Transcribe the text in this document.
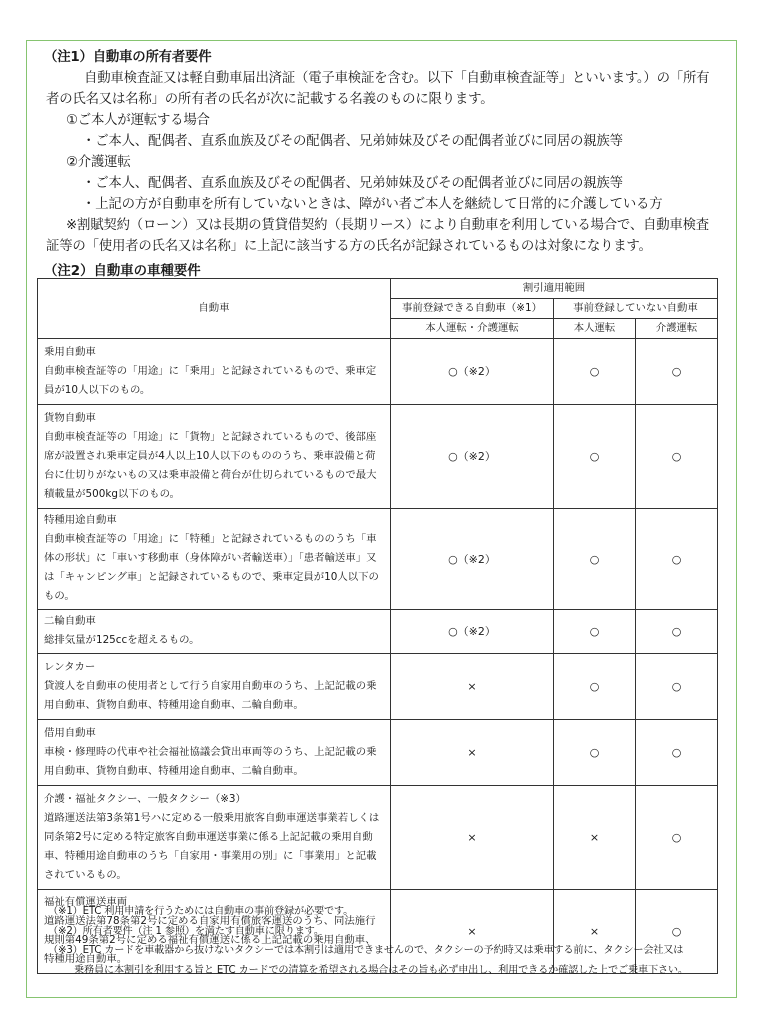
（注1）自動車の所有者要件
自動車検査証又は軽自動車届出済証（電子車検証を含む。以下「自動車検査証等」といいます。）の「所有
者の氏名又は名称」の所有者の氏名が次に記載する名義のものに限ります。
①ご本人が運転する場合
・ご本人、配偶者、直系血族及びその配偶者、兄弟姉妹及びその配偶者並びに同居の親族等
②介護運転
・ご本人、配偶者、直系血族及びその配偶者、兄弟姉妹及びその配偶者並びに同居の親族等
・上記の方が自動車を所有していないときは、障がい者ご本人を継続して日常的に介護している方
※割賦契約（ローン）又は長期の賃貸借契約（長期リース）により自動車を利用している場合で、自動車検査
証等の「使用者の氏名又は名称」に上記に該当する方の氏名が記録されているものは対象になります。
（注2）自動車の車種要件
自動車	割引適用範囲		
	事前登録できる自動車（※1）	事前登録していない自動車	
	本人運転・介護運転	本人運転	介護運転

乗用自動車
自動車検査証等の「用途」に「乗用」と記録されているもので、乗車定員が10人以下のもの。	○（※2）	○	○

貨物自動車
自動車検査証等の「用途」に「貨物」と記録されているもので、後部座席が設置され乗車定員が4人以上10人以下のもののうち、乗車設備と荷台に仕切りがないもの又は乗車設備と荷台が仕切られているもので最大積載量が500kg以下のもの。	○（※2）	○	○

特種用途自動車
自動車検査証等の「用途」に「特種」と記録されているもののうち「車体の形状」に「車いす移動車（身体障がい者輸送車）」「患者輸送車」又は「キャンピング車」と記録されているもので、乗車定員が10人以下のもの。	○（※2）	○	○

二輪自動車
総排気量が125ccを超えるもの。	○（※2）	○	○

レンタカー
貸渡人を自動車の使用者として行う自家用自動車のうち、上記記載の乗用自動車、貨物自動車、特種用途自動車、二輪自動車。	×	○	○

借用自動車
車検・修理時の代車や社会福祉協議会貸出車両等のうち、上記記載の乗用自動車、貨物自動車、特種用途自動車、二輪自動車。	×	○	○

介護・福祉タクシー、一般タクシー（※3）
道路運送法第3条第1号ハに定める一般乗用旅客自動車運送事業若しくは同条第2号に定める特定旅客自動車運送事業に係る上記記載の乗用自動車、特種用途自動車のうち「自家用・事業用の別」に「事業用」と記載されているもの。	×	×	○

福祉有償運送車両
道路運送法第78条第2号に定める自家用有償旅客運送のうち、同法施行規則第49条第2号に定める福祉有償運送に係る上記記載の乗用自動車、特種用途自動車。	×	×	○
（※1）ETC 利用申請を行うためには自動車の事前登録が必要です。
（※2）所有者要件（注 1 参照）を満たす自動車に限ります。
（※3）ETC カードを車載器から抜けないタクシーでは本割引は適用できませんので、タクシーの予約時又は乗車する前に、タクシー会社又は
乗務員に本割引を利用する旨と ETC カードでの清算を希望される場合はその旨も必ず申出し、利用できるか確認した上でご乗車下さい。
